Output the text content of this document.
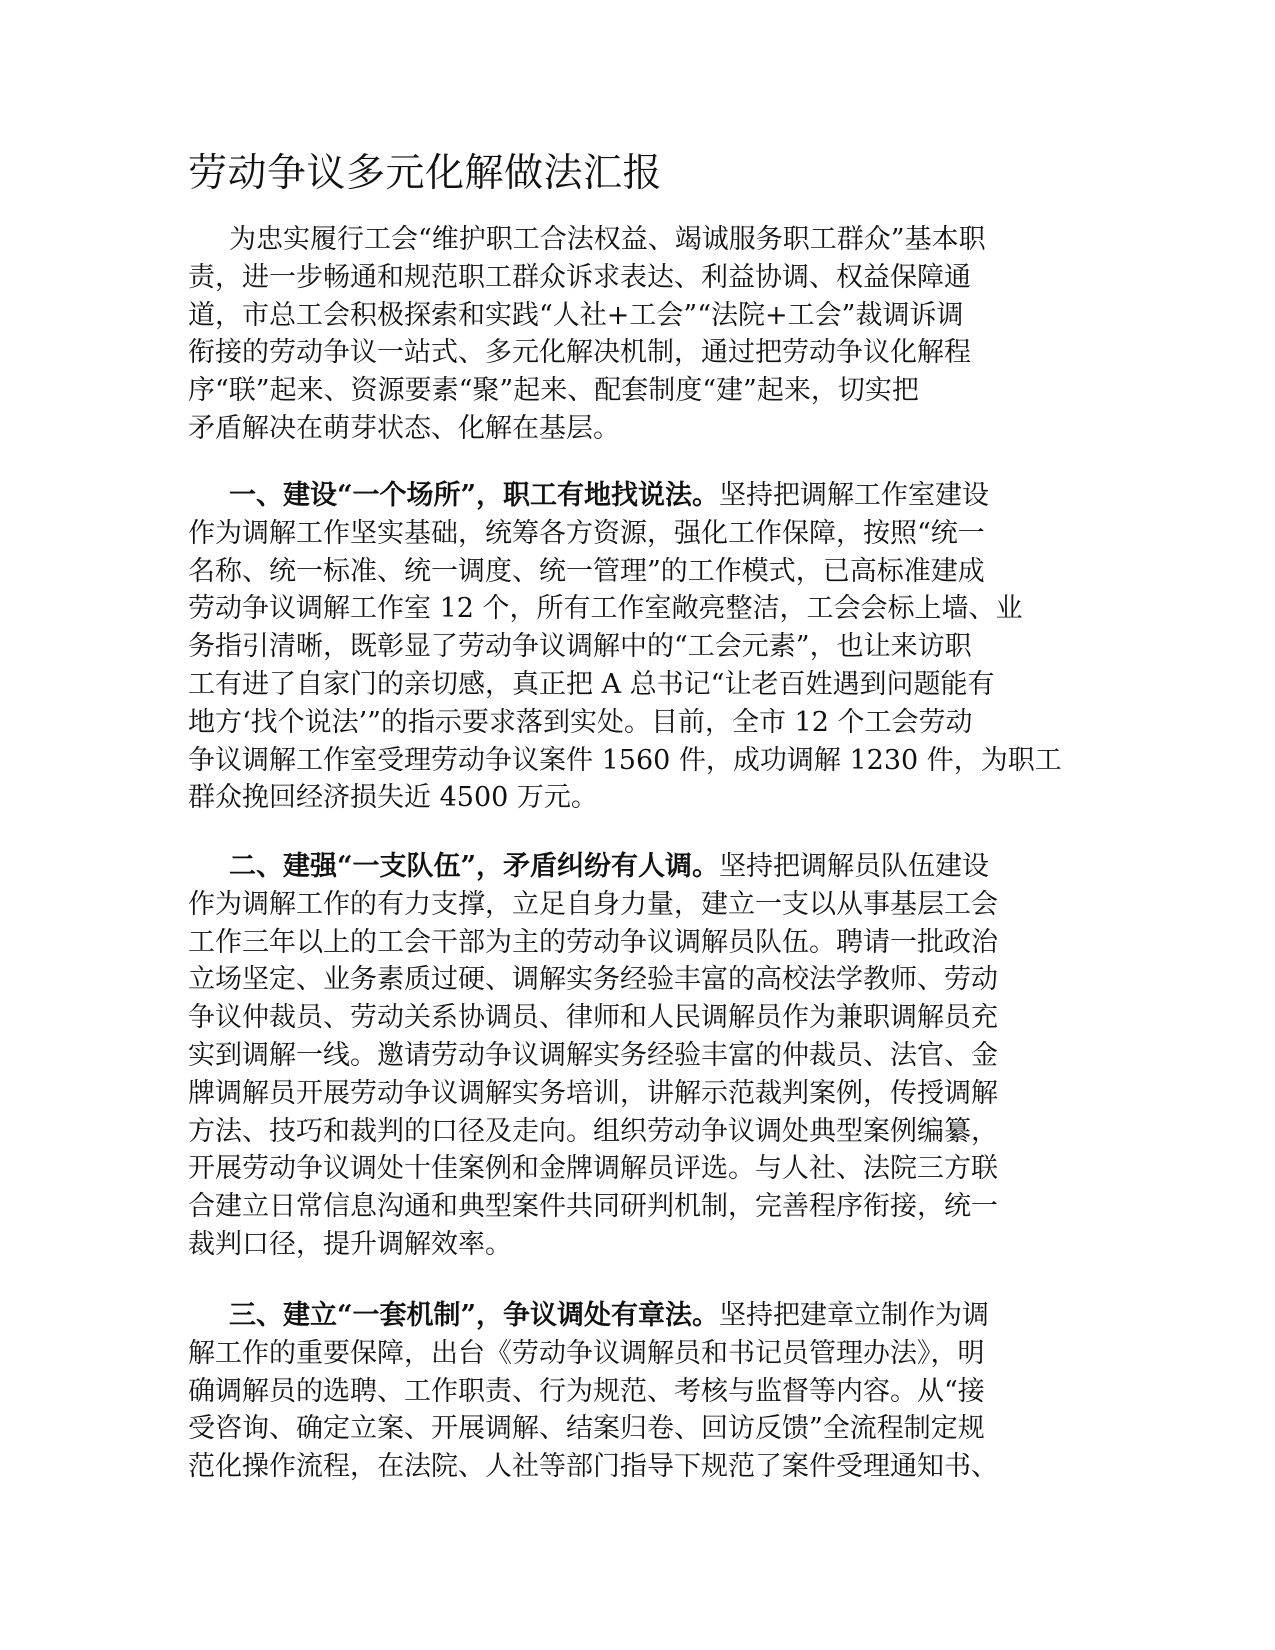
劳动争议多元化解做法汇报
为忠实履行工会“维护职工合法权益、竭诚服务职工群众”基本职
责，进一步畅通和规范职工群众诉求表达、利益协调、权益保障通
道，市总工会积极探索和实践“人社+工会”“法院+工会”裁调诉调
衔接的劳动争议一站式、多元化解决机制，通过把劳动争议化解程
序“联”起来、资源要素“聚”起来、配套制度“建”起来，切实把
矛盾解决在萌芽状态、化解在基层。
一、建设“一个场所”，职工有地找说法。坚持把调解工作室建设
作为调解工作坚实基础，统筹各方资源，强化工作保障，按照“统一
名称、统一标准、统一调度、统一管理”的工作模式，已高标准建成
劳动争议调解工作室 12 个，所有工作室敞亮整洁，工会会标上墙、业
务指引清晰，既彰显了劳动争议调解中的“工会元素”，也让来访职
工有进了自家门的亲切感，真正把 A 总书记“让老百姓遇到问题能有
地方‘找个说法’”的指示要求落到实处。目前，全市 12 个工会劳动
争议调解工作室受理劳动争议案件 1560 件，成功调解 1230 件，为职工
群众挽回经济损失近 4500 万元。
二、建强“一支队伍”，矛盾纠纷有人调。坚持把调解员队伍建设
作为调解工作的有力支撑，立足自身力量，建立一支以从事基层工会
工作三年以上的工会干部为主的劳动争议调解员队伍。聘请一批政治
立场坚定、业务素质过硬、调解实务经验丰富的高校法学教师、劳动
争议仲裁员、劳动关系协调员、律师和人民调解员作为兼职调解员充
实到调解一线。邀请劳动争议调解实务经验丰富的仲裁员、法官、金
牌调解员开展劳动争议调解实务培训，讲解示范裁判案例，传授调解
方法、技巧和裁判的口径及走向。组织劳动争议调处典型案例编纂，
开展劳动争议调处十佳案例和金牌调解员评选。与人社、法院三方联
合建立日常信息沟通和典型案件共同研判机制，完善程序衔接，统一
裁判口径，提升调解效率。
三、建立“一套机制”，争议调处有章法。坚持把建章立制作为调
解工作的重要保障，出台《劳动争议调解员和书记员管理办法》，明
确调解员的选聘、工作职责、行为规范、考核与监督等内容。从“接
受咨询、确定立案、开展调解、结案归卷、回访反馈”全流程制定规
范化操作流程，在法院、人社等部门指导下规范了案件受理通知书、
